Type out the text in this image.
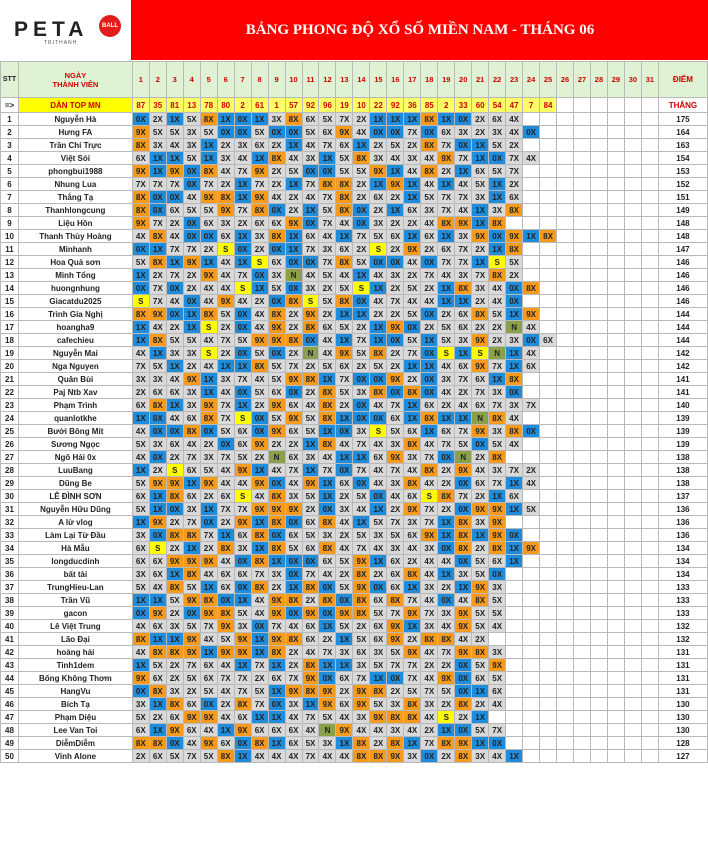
PETA	BALL
TRITHANH
BẢNG PHONG ĐỘ XỔ SỐ MIỀN NAM - THÁNG 06
STT	NGÀY
THÀNH VIÊN	1	2	3	4	5	6	7	8	9	10	11	12	13	14	15	16	17	18	19	20	21	22	23	24	25	26	27	28	29	30	31	ĐIỂM
=>	DÀN TOP MN	87	35	81	13	78	80	2	61	1	57	92	96	19	10	22	92	36	85	2	33	60	54	47	7	84							THẮNG
1	Nguyễn Hà	0X	2X	1X	5X	8X	1X	0X	1X	3X	8X	6X	5X	7X	2X	1X	1X	1X	8X	1X	0X	2X	6X	4X									175
2	Hưng FA	9X	5X	5X	3X	5X	0X	0X	5X	0X	0X	5X	6X	9X	4X	0X	0X	7X	0X	6X	3X	2X	3X	4X	0X								164
3	Trần Chí Trực	8X	3X	4X	3X	1X	2X	3X	6X	2X	1X	4X	7X	6X	1X	2X	5X	2X	8X	7X	0X	1X	5X	2X									163
4	Việt Sói	6X	1X	1X	5X	1X	3X	4X	1X	8X	4X	3X	1X	5X	8X	3X	4X	3X	4X	9X	7X	1X	0X	7X	4X								154
5	phongbui1988	9X	1X	9X	0X	8X	4X	7X	9X	2X	5X	0X	0X	5X	5X	9X	1X	4X	8X	2X	1X	6X	5X	7X									153
6	Nhung Lua	7X	7X	7X	0X	7X	2X	1X	7X	2X	1X	7X	8X	8X	2X	1X	9X	1X	4X	1X	4X	5X	1X	2X									152
7	Thắng Tạ	8X	0X	0X	4X	9X	8X	1X	9X	4X	2X	4X	7X	8X	2X	6X	2X	1X	5X	7X	7X	3X	1X	6X									151
8	Thanhlongcung	8X	0X	6X	5X	5X	9X	7X	8X	0X	2X	1X	5X	8X	0X	2X	1X	6X	3X	7X	4X	1X	3X	8X									149
9	Liệu Hồn	9X	7X	2X	0X	6X	3X	2X	6X	6X	9X	0X	7X	4X	0X	3X	2X	2X	4X	8X	9X	1X	8X										148
10	Thanh Thùy Hoàng	4X	8X	4X	0X	0X	6X	1X	3X	8X	1X	6X	4X	1X	7X	5X	6X	1X	6X	1X	3X	9X	0X	9X	1X	8X							148
11	Minhanh	0X	1X	7X	7X	2X	S	0X	2X	0X	1X	7X	3X	6X	2X	S	2X	9X	2X	6X	7X	2X	1X	8X									147
12	Hoa Quả sơn	5X	8X	1X	9X	1X	4X	1X	S	6X	0X	0X	7X	8X	5X	0X	0X	4X	0X	7X	7X	1X	S	5X									146
13	Minh Tổng	1X	2X	7X	2X	9X	4X	7X	0X	3X	N	4X	5X	4X	1X	4X	3X	2X	7X	4X	3X	7X	8X	2X									146
14	huongnhung	0X	7X	0X	2X	4X	4X	S	1X	5X	0X	3X	2X	5X	S	1X	2X	5X	2X	1X	8X	3X	4X	0X	8X								146
15	Giacatdu2025	S	7X	4X	0X	4X	9X	4X	2X	0X	8X	S	5X	8X	0X	4X	7X	4X	4X	1X	1X	2X	4X	0X									146
16	Trình Gia Nghị	8X	9X	0X	1X	8X	5X	0X	4X	8X	2X	9X	2X	1X	1X	2X	2X	5X	0X	2X	6X	8X	5X	1X	9X								144
17	hoangha9	1X	4X	2X	1X	S	2X	0X	4X	9X	2X	8X	6X	5X	2X	1X	9X	0X	2X	5X	6X	2X	2X	N	4X								144
18	cafechieu	1X	8X	5X	5X	4X	7X	5X	9X	9X	8X	0X	4X	1X	7X	1X	0X	5X	1X	5X	3X	9X	2X	3X	0X	6X							144
19	Nguyễn Mai	4X	1X	3X	3X	S	2X	0X	5X	0X	2X	N	4X	9X	5X	8X	2X	7X	0X	S	1X	S	N	1X	4X								142
20	Nga Nguyen	7X	5X	1X	2X	4X	1X	1X	8X	5X	7X	2X	5X	6X	2X	5X	2X	1X	1X	4X	6X	9X	7X	1X	6X								142
21	Quân Bùi	3X	3X	4X	9X	1X	3X	7X	4X	5X	9X	8X	1X	7X	0X	0X	9X	2X	0X	3X	7X	6X	1X	8X									141
22	Paj Ntb Xav	2X	6X	6X	3X	1X	4X	0X	5X	6X	0X	2X	8X	5X	3X	8X	0X	8X	0X	4X	2X	7X	3X	0X									141
23	Phạm Trình	6X	8X	1X	3X	9X	7X	1X	2X	9X	6X	4X	8X	2X	0X	4X	7X	1X	6X	2X	4X	6X	7X	3X	7X								140
24	quanlotkhe	1X	0X	4X	6X	8X	7X	S	0X	5X	9X	5X	8X	1X	0X	0X	6X	1X	8X	1X	1X	N	8X	4X									139
25	Bưởi Bông Mít	4X	0X	0X	8X	0X	5X	6X	0X	9X	6X	5X	1X	0X	3X	S	5X	6X	1X	6X	7X	9X	3X	8X	0X								139
26	Sương Ngọc	5X	3X	6X	4X	2X	0X	6X	9X	2X	2X	1X	8X	4X	7X	4X	3X	8X	4X	7X	5X	0X	5X	4X									139
27	Ngô Hải 0x	4X	0X	2X	7X	3X	7X	5X	2X	N	6X	3X	4X	1X	1X	6X	9X	3X	7X	0X	N	2X	8X										138
28	LuuBang	1X	2X	S	6X	5X	4X	9X	1X	4X	7X	1X	7X	0X	7X	4X	7X	4X	8X	2X	9X	4X	3X	7X	2X								138
29	Dũng Be	5X	9X	9X	1X	9X	4X	4X	9X	0X	4X	9X	1X	6X	0X	4X	3X	8X	4X	2X	0X	6X	7X	1X	4X								138
30	LÊ ĐÌNH SƠN	6X	1X	8X	6X	2X	6X	S	4X	8X	3X	5X	1X	2X	5X	0X	4X	6X	S	8X	7X	2X	1X	6X									137
31	Nguyễn Hữu Dũng	5X	1X	0X	3X	1X	7X	7X	9X	9X	9X	2X	0X	3X	4X	1X	2X	9X	7X	2X	0X	9X	9X	1X	5X								136
32	A lừ vlog	1X	9X	2X	7X	0X	2X	9X	1X	8X	0X	6X	8X	4X	1X	5X	7X	3X	7X	1X	8X	3X	9X										136
33	Làm Lại Từ Đầu	3X	0X	8X	8X	7X	1X	6X	8X	0X	6X	5X	3X	2X	5X	3X	5X	6X	9X	1X	8X	1X	9X	0X									136
34	Hà Mẫu	6X	S	2X	1X	2X	8X	3X	1X	8X	5X	6X	8X	4X	7X	4X	3X	4X	3X	0X	8X	2X	8X	1X	9X								134
35	longducdinh	6X	6X	9X	9X	9X	4X	0X	8X	1X	0X	0X	6X	5X	9X	1X	6X	2X	4X	4X	0X	5X	6X	1X									134
36	bất tài	3X	6X	1X	8X	4X	6X	6X	7X	3X	0X	7X	4X	2X	8X	2X	6X	8X	4X	1X	3X	5X	0X										134
37	TrungHieu-Lan	5X	4X	8X	5X	1X	6X	0X	8X	2X	1X	8X	0X	5X	9X	0X	6X	1X	3X	2X	1X	9X	3X										133
38	Trần Vũ	1X	1X	5X	9X	8X	0X	1X	4X	9X	8X	2X	8X	0X	8X	6X	8X	7X	4X	0X	4X	8X	5X										133
39	gacon	0X	9X	2X	0X	9X	8X	5X	4X	9X	0X	9X	0X	9X	8X	5X	7X	9X	7X	3X	9X	5X	5X										133
40	Lê Việt Trung	4X	6X	3X	5X	7X	9X	3X	0X	7X	4X	6X	1X	5X	2X	6X	9X	1X	3X	4X	9X	5X	4X										132
41	Lão Đại	8X	1X	1X	9X	4X	5X	9X	1X	9X	8X	6X	2X	1X	5X	6X	9X	2X	8X	8X	4X	2X											132
42	hoàng hải	4X	8X	8X	9X	1X	9X	9X	1X	8X	2X	4X	7X	3X	6X	3X	5X	9X	4X	7X	9X	8X	3X										131
43	Tinh1dem	1X	5X	2X	7X	6X	4X	1X	7X	1X	2X	8X	1X	1X	3X	5X	7X	7X	2X	2X	0X	5X	9X										131
44	Bống Không Thơm	9X	6X	2X	5X	6X	7X	7X	2X	6X	7X	9X	0X	6X	7X	1X	0X	7X	4X	9X	0X	6X	5X										131
45	HangVu	0X	8X	3X	2X	5X	4X	7X	5X	1X	9X	8X	9X	2X	9X	8X	2X	5X	7X	5X	0X	1X	6X										131
46	Bích Tạ	3X	1X	8X	6X	0X	2X	8X	7X	0X	3X	1X	9X	6X	9X	5X	3X	8X	3X	2X	8X	2X	4X										130
47	Phạm Diệu	5X	2X	6X	9X	9X	4X	6X	1X	1X	4X	7X	5X	4X	3X	9X	8X	8X	4X	S	2X	1X											130
48	Lee Van Toi	6X	1X	9X	6X	4X	1X	9X	6X	6X	6X	4X	N	9X	4X	4X	3X	4X	2X	1X	0X	5X	7X										130
49	DiễmDiễm	8X	8X	0X	4X	9X	6X	0X	8X	1X	6X	5X	3X	1X	8X	2X	8X	1X	7X	8X	9X	1X	0X										128
50	Vinh Alone	2X	6X	5X	7X	5X	8X	1X	4X	4X	4X	7X	4X	4X	8X	8X	9X	3X	0X	2X	8X	3X	4X	1X									127
